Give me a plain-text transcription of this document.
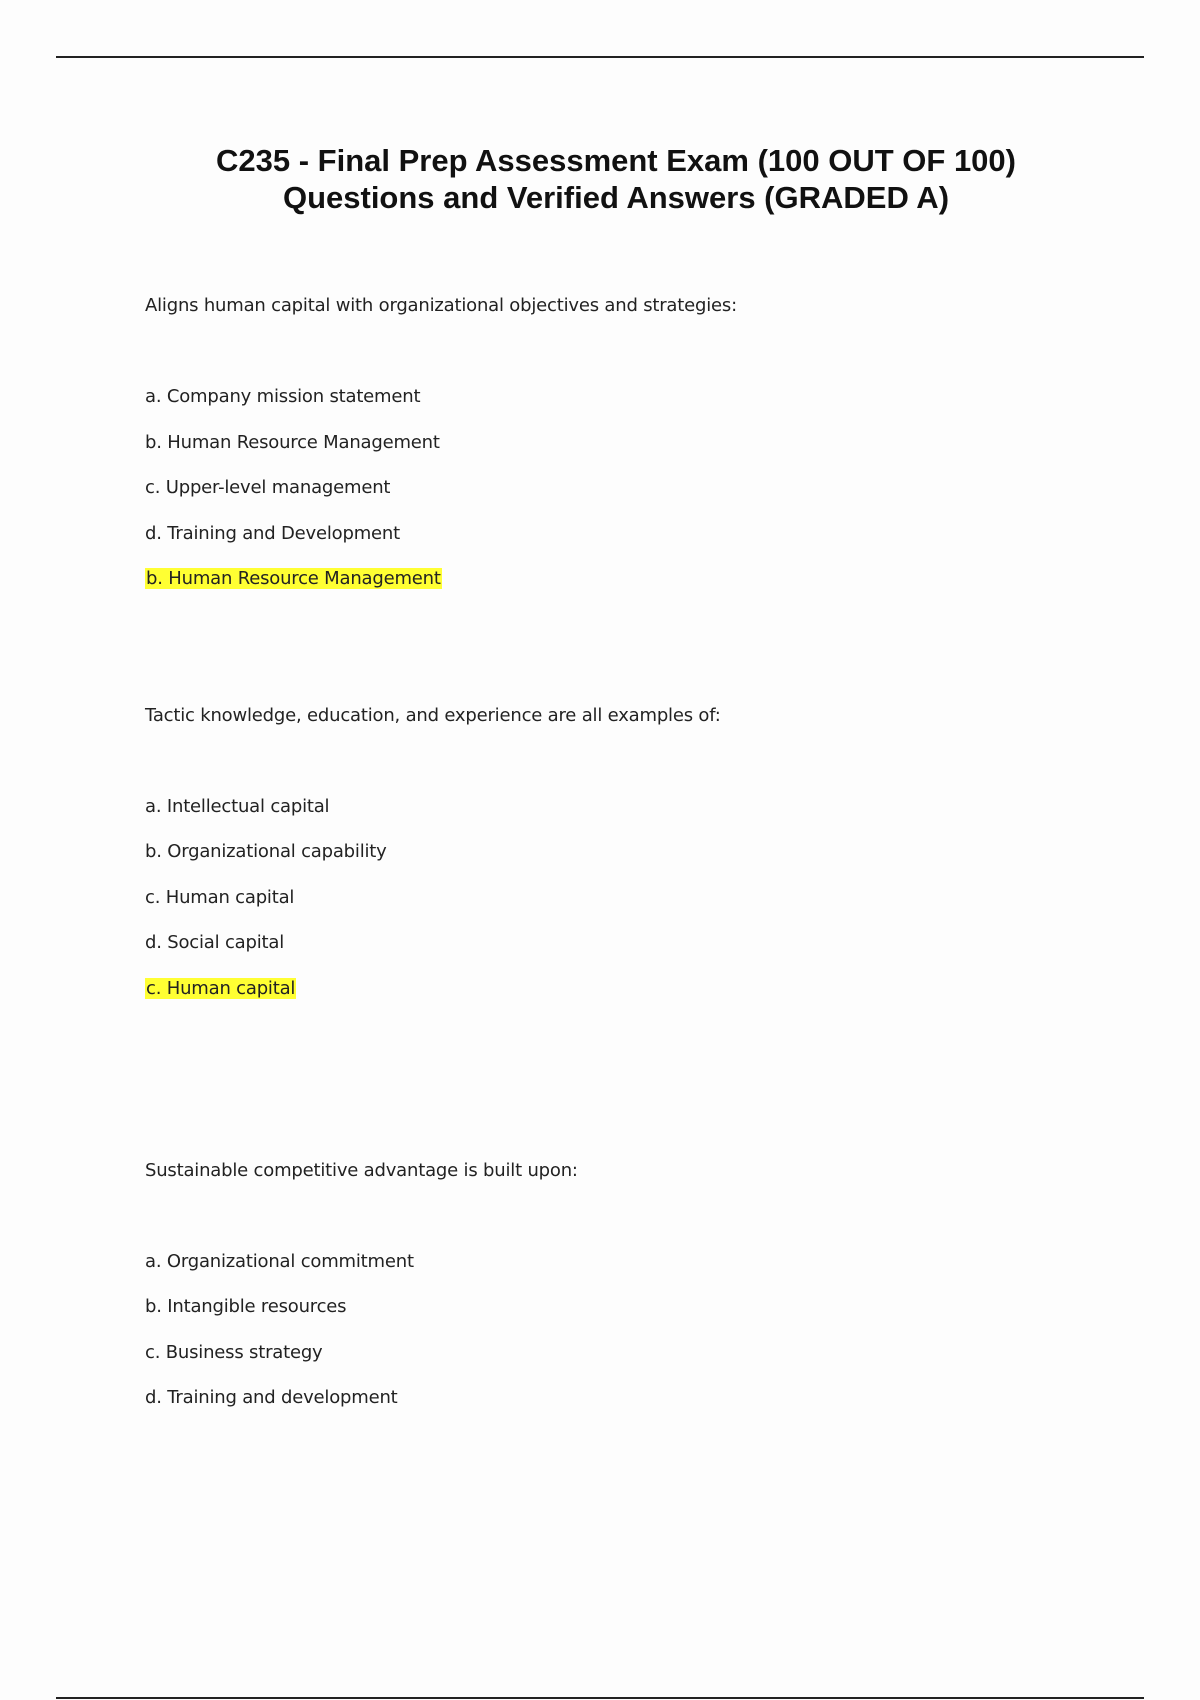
C235 - Final Prep Assessment Exam (100 OUT OF 100)
Questions and Verified Answers (GRADED A)
Aligns human capital with organizational objectives and strategies:
a. Company mission statement
b. Human Resource Management
c. Upper-level management
d. Training and Development
b. Human Resource Management
Tactic knowledge, education, and experience are all examples of:
a. Intellectual capital
b. Organizational capability
c. Human capital
d. Social capital
c. Human capital
Sustainable competitive advantage is built upon:
a. Organizational commitment
b. Intangible resources
c. Business strategy
d. Training and development
